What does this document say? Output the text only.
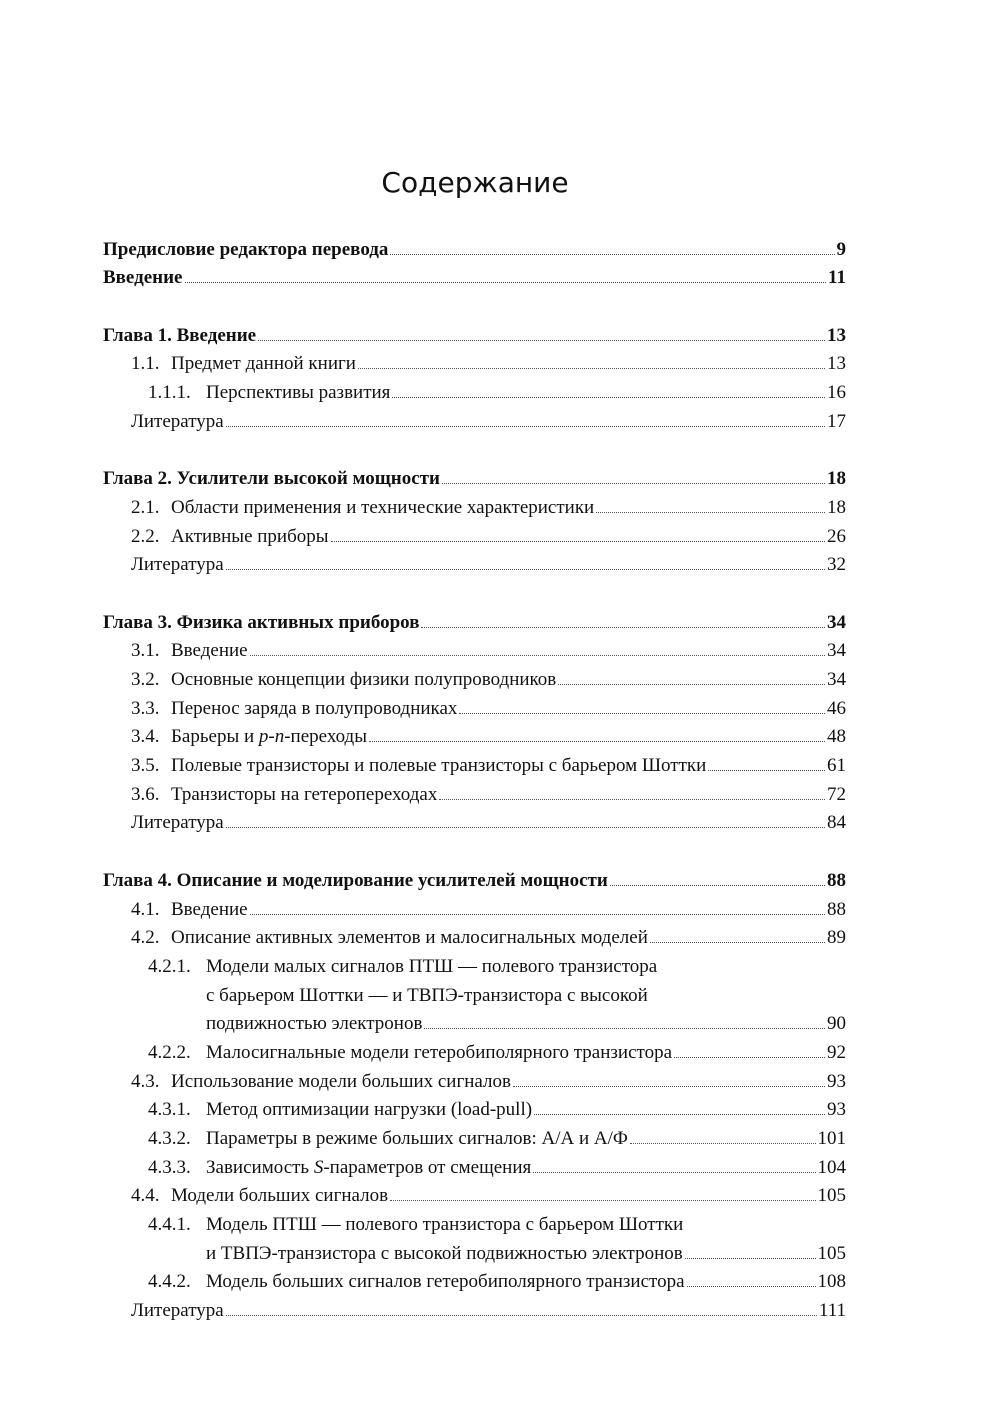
Содержание
Предисловие редактора перевода	9
Введение	11
Глава 1. Введение	13
1.1. Предмет данной книги	13
1.1.1. Перспективы развития	16
Литература	17
Глава 2. Усилители высокой мощности	18
2.1. Области применения и технические характеристики	18
2.2. Активные приборы	26
Литература	32
Глава 3. Физика активных приборов	34
3.1. Введение	34
3.2. Основные концепции физики полупроводников	34
3.3. Перенос заряда в полупроводниках	46
3.4. Барьеры и p-n -переходы	48
3.5. Полевые транзисторы и полевые транзисторы с барьером Шоттки	61
3.6. Транзисторы на гетеропереходах	72
Литература	84
Глава 4. Описание и моделирование усилителей мощности	88
4.1. Введение	88
4.2. Описание активных элементов и малосигнальных моделей	89
4.2.1. Модели малых сигналов ПТШ — полевого транзистора
с барьером Шоттки — и ТВПЭ-транзистора с высокой
подвижностью электронов	90
4.2.2. Малосигнальные модели гетеробиполярного транзистора	92
4.3. Использование модели больших сигналов	93
4.3.1. Метод оптимизации нагрузки (load-pull)	93
4.3.2. Параметры в режиме больших сигналов: А/А и А/Ф	101
4.3.3. Зависимость S -параметров от смещения	104
4.4. Модели больших сигналов	105
4.4.1. Модель ПТШ — полевого транзистора с барьером Шоттки
и ТВПЭ-транзистора с высокой подвижностью электронов	105
4.4.2. Модель больших сигналов гетеробиполярного транзистора	108
Литература	111
